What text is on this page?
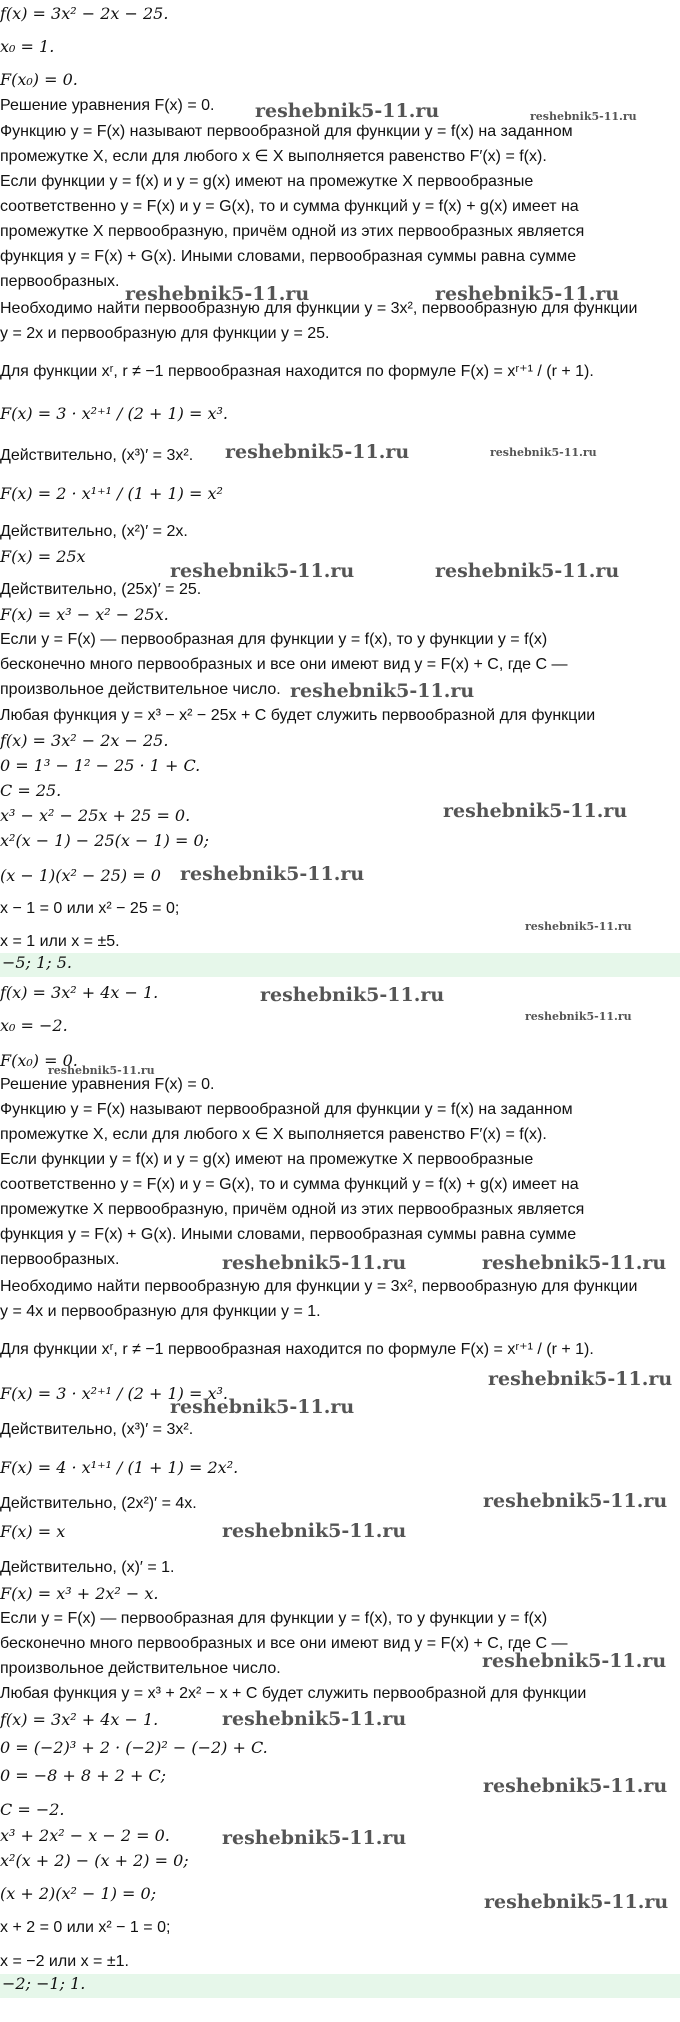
f(x) = 3x² − 2x − 25.
x₀ = 1.
F(x₀) = 0.
Решение уравнения F(x) = 0.
Функцию y = F(x) называют первообразной для функции y = f(x) на заданном
промежутке X, если для любого x ∈ X выполняется равенство F′(x) = f(x).
Если функции y = f(x) и y = g(x) имеют на промежутке X первообразные
соответственно y = F(x) и y = G(x), то и сумма функций y = f(x) + g(x) имеет на
промежутке X первообразную, причём одной из этих первообразных является
функция y = F(x) + G(x). Иными словами, первообразная суммы равна сумме
первообразных.
Необходимо найти первообразную для функции y = 3x², первообразную для функции
y = 2x и первообразную для функции y = 25.
Для функции xʳ, r ≠ −1 первообразная находится по формуле F(x) = xʳ⁺¹ / (r + 1).
F(x) = 3 · x²⁺¹ / (2 + 1) = x³.
Действительно, (x³)′ = 3x².
F(x) = 2 · x¹⁺¹ / (1 + 1) = x²
Действительно, (x²)′ = 2x.
F(x) = 25x
Действительно, (25x)′ = 25.
F(x) = x³ − x² − 25x.
Если y = F(x) — первообразная для функции y = f(x), то у функции y = f(x)
бесконечно много первообразных и все они имеют вид y = F(x) + C, где C —
произвольное действительное число.
Любая функция y = x³ − x² − 25x + C будет служить первообразной для функции
f(x) = 3x² − 2x − 25.
0 = 1³ − 1² − 25 · 1 + C.
C = 25.
x³ − x² − 25x + 25 = 0.
x²(x − 1) − 25(x − 1) = 0;
(x − 1)(x² − 25) = 0
x − 1 = 0 или x² − 25 = 0;
x = 1 или x = ±5.
−5; 1; 5.
f(x) = 3x² + 4x − 1.
x₀ = −2.
F(x₀) = 0.
Решение уравнения F(x) = 0.
Функцию y = F(x) называют первообразной для функции y = f(x) на заданном
промежутке X, если для любого x ∈ X выполняется равенство F′(x) = f(x).
Если функции y = f(x) и y = g(x) имеют на промежутке X первообразные
соответственно y = F(x) и y = G(x), то и сумма функций y = f(x) + g(x) имеет на
промежутке X первообразную, причём одной из этих первообразных является
функция y = F(x) + G(x). Иными словами, первообразная суммы равна сумме
первообразных.
Необходимо найти первообразную для функции y = 3x², первообразную для функции
y = 4x и первообразную для функции y = 1.
Для функции xʳ, r ≠ −1 первообразная находится по формуле F(x) = xʳ⁺¹ / (r + 1).
F(x) = 3 · x²⁺¹ / (2 + 1) = x³.
Действительно, (x³)′ = 3x².
F(x) = 4 · x¹⁺¹ / (1 + 1) = 2x².
Действительно, (2x²)′ = 4x.
F(x) = x
Действительно, (x)′ = 1.
F(x) = x³ + 2x² − x.
Если y = F(x) — первообразная для функции y = f(x), то у функции y = f(x)
бесконечно много первообразных и все они имеют вид y = F(x) + C, где C —
произвольное действительное число.
Любая функция y = x³ + 2x² − x + C будет служить первообразной для функции
f(x) = 3x² + 4x − 1.
0 = (−2)³ + 2 · (−2)² − (−2) + C.
0 = −8 + 8 + 2 + C;
C = −2.
x³ + 2x² − x − 2 = 0.
x²(x + 2) − (x + 2) = 0;
(x + 2)(x² − 1) = 0;
x + 2 = 0 или x² − 1 = 0;
x = −2 или x = ±1.
−2; −1; 1.
reshebnik5-11.ru	reshebnik5-11.ru
reshebnik5-11.ru	reshebnik5-11.ru
reshebnik5-11.ru	reshebnik5-11.ru
reshebnik5-11.ru	reshebnik5-11.ru
reshebnik5-11.ru
reshebnik5-11.ru
reshebnik5-11.ru
reshebnik5-11.ru
reshebnik5-11.ru
reshebnik5-11.ru
reshebnik5-11.ru
reshebnik5-11.ru	reshebnik5-11.ru
reshebnik5-11.ru
reshebnik5-11.ru
reshebnik5-11.ru
reshebnik5-11.ru
reshebnik5-11.ru
reshebnik5-11.ru
reshebnik5-11.ru
reshebnik5-11.ru
reshebnik5-11.ru
